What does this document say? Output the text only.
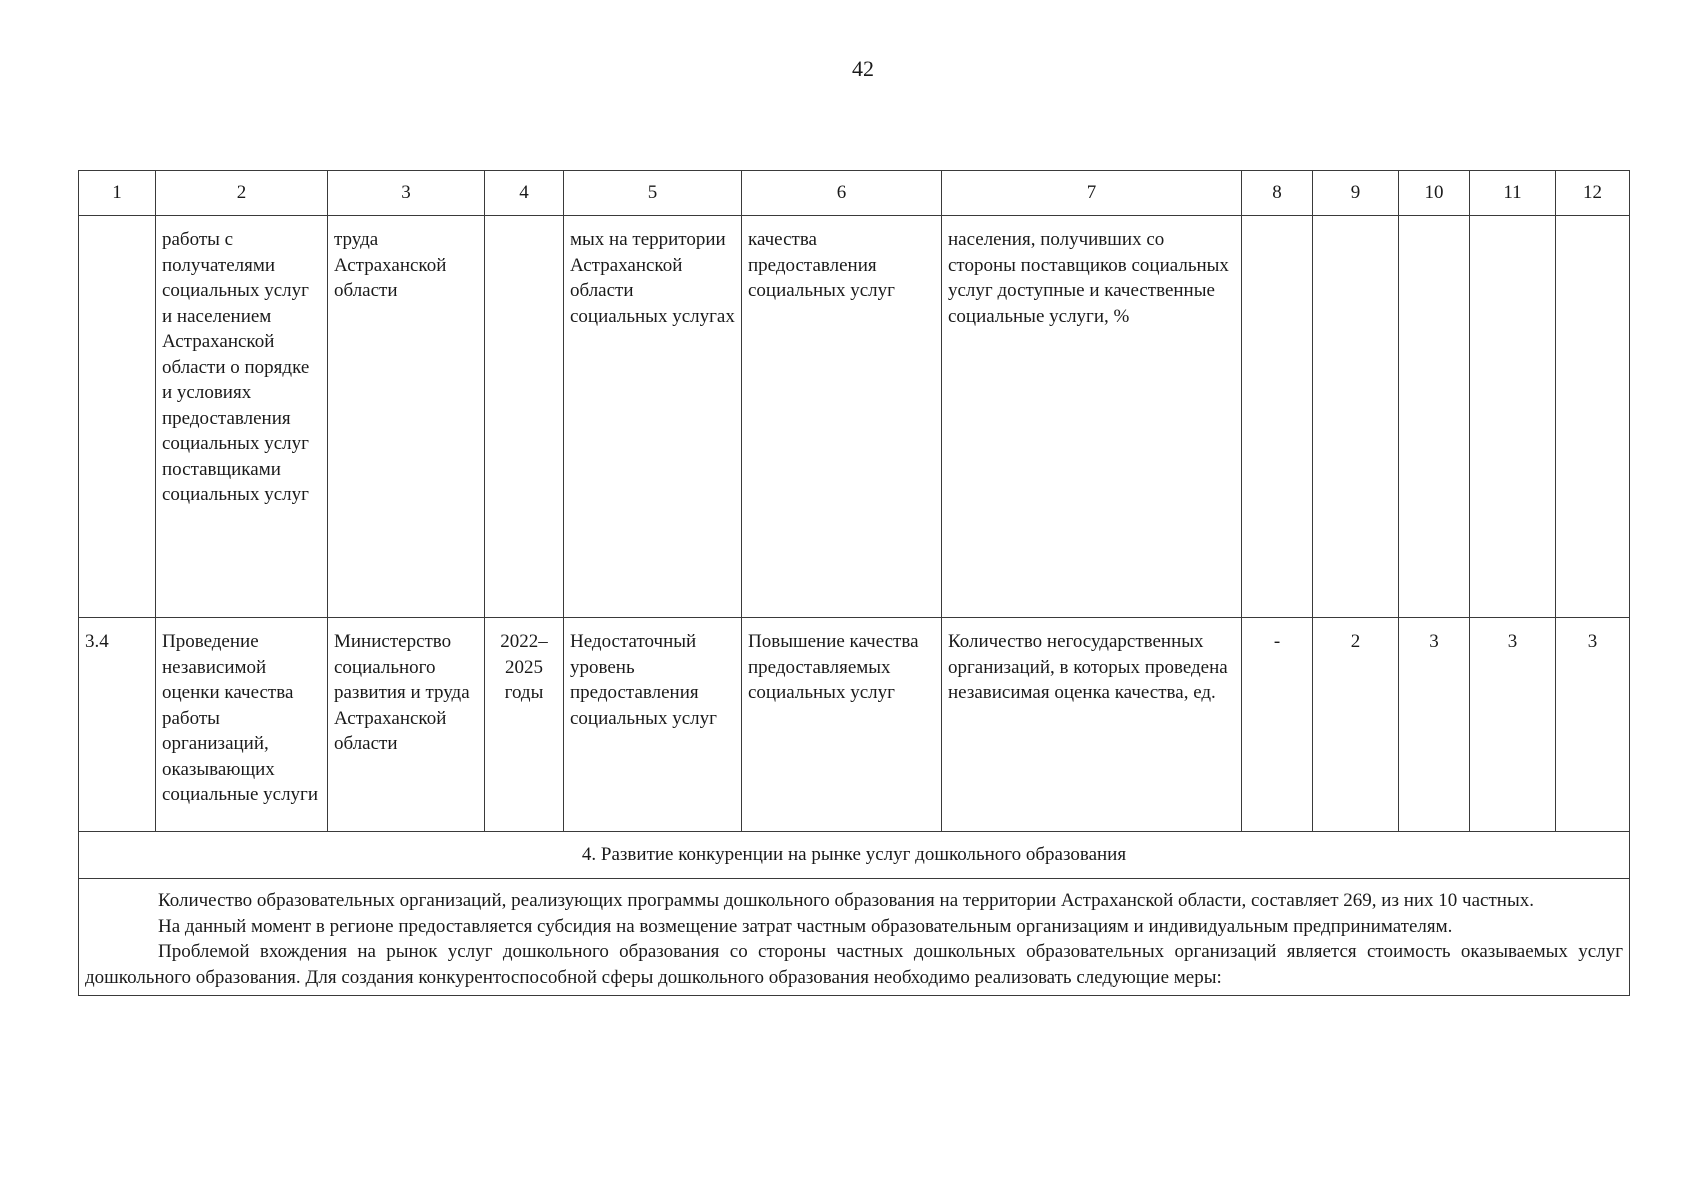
42
1	2	3	4	5	6	7	8	9	10	11	12
	работы с получателями социальных услуг и населением Астраханской области о порядке и условиях предоставления социальных услуг поставщиками социальных услуг	труда Астраханской области		мых на территории Астраханской области социальных услугах	качества предоставления социальных услуг	населения, получивших со стороны поставщиков социальных услуг доступные и качественные социальные услуги, %					
3.4	Проведение независимой оценки качества работы организаций, оказывающих социальные услуги	Министерство социального развития и труда Астраханской области	2022–2025 годы	Недостаточный уровень предоставления социальных услуг	Повышение качества предоставляемых социальных услуг	Количество негосударственных организаций, в которых проведена независимая оценка качества, ед.	-	2	3	3	3
4. Развитие конкуренции на рынке услуг дошкольного образования											

Количество образовательных организаций, реализующих программы дошкольного образования на территории Астраханской области, составляет 269, из них 10 частных.

На данный момент в регионе предоставляется субсидия на возмещение затрат частным образовательным организациям и индивидуальным предпринимателям.

Проблемой вхождения на рынок услуг дошкольного образования со стороны частных дошкольных образовательных организаций является стоимость оказываемых услуг дошкольного образования. Для создания конкурентоспособной сферы дошкольного образования необходимо реализовать следующие меры:											
